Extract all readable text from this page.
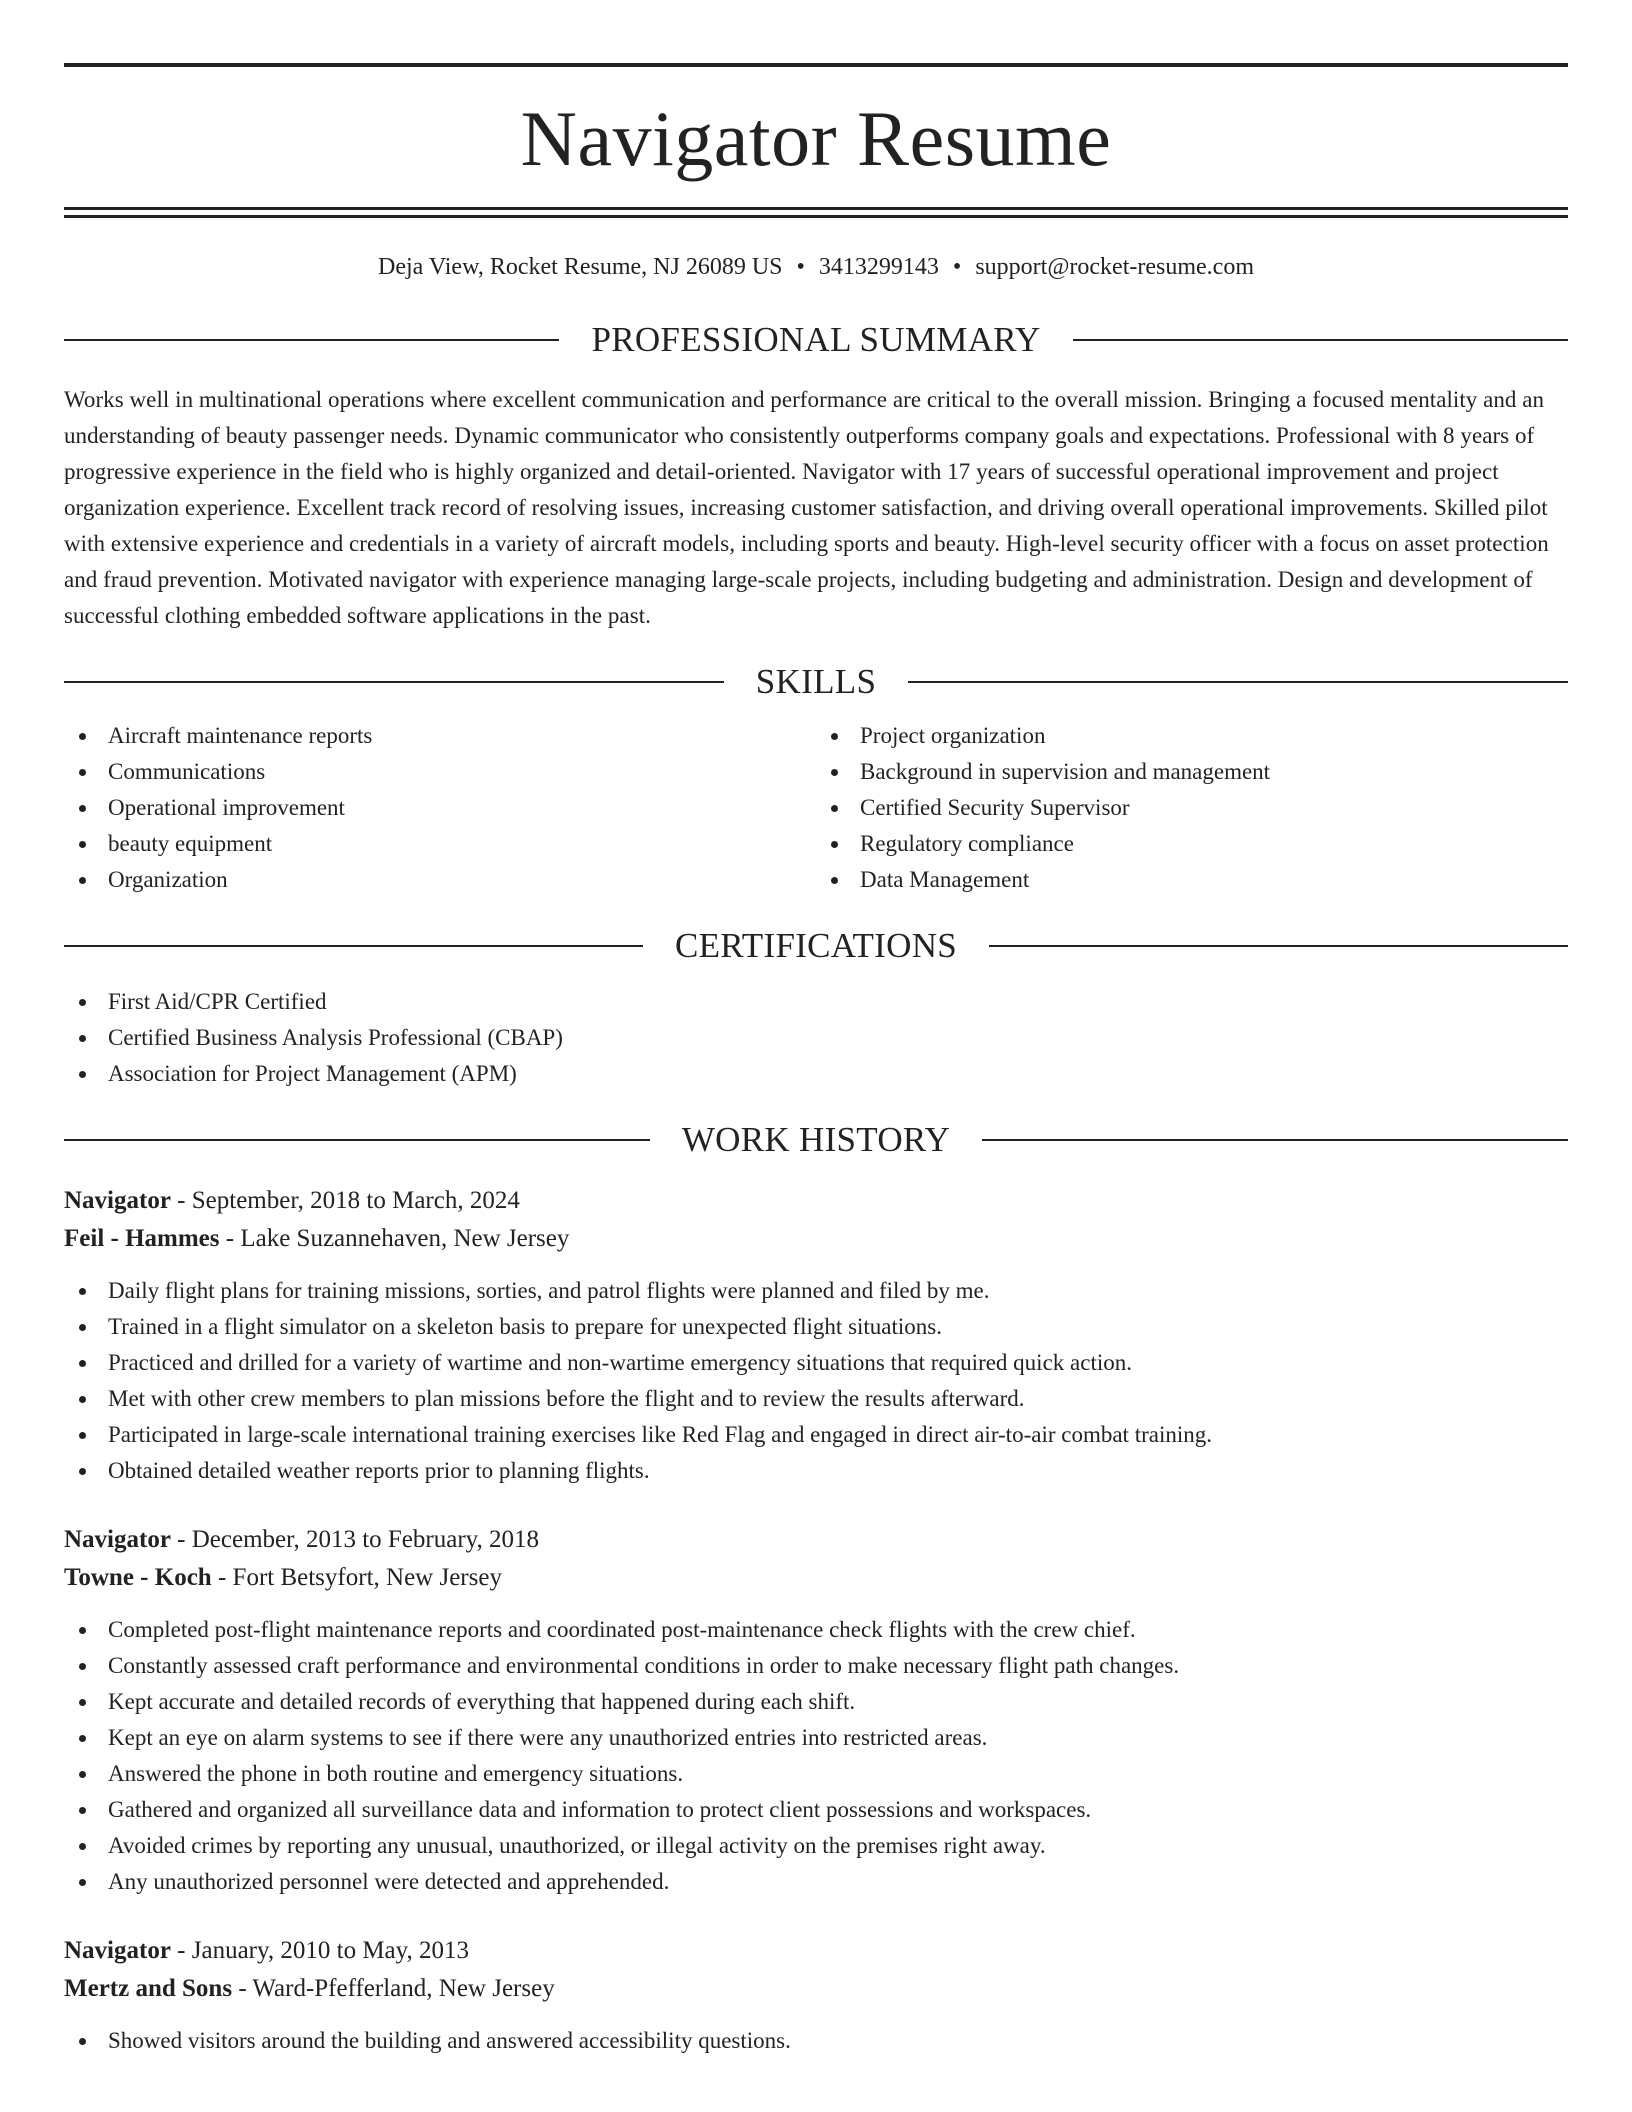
Navigator Resume
Deja View, Rocket Resume, NJ 26089 US • 3413299143 • support@rocket-resume.com
PROFESSIONAL SUMMARY
Works well in multinational operations where excellent communication and performance are critical to the overall mission. Bringing a focused mentality and an understanding of beauty passenger needs. Dynamic communicator who consistently outperforms company goals and expectations. Professional with 8 years of progressive experience in the field who is highly organized and detail-oriented. Navigator with 17 years of successful operational improvement and project organization experience. Excellent track record of resolving issues, increasing customer satisfaction, and driving overall operational improvements. Skilled pilot with extensive experience and credentials in a variety of aircraft models, including sports and beauty. High-level security officer with a focus on asset protection and fraud prevention. Motivated navigator with experience managing large-scale projects, including budgeting and administration. Design and development of successful clothing embedded software applications in the past.
SKILLS
Aircraft maintenance reports
Communications
Operational improvement
beauty equipment
Organization
Project organization
Background in supervision and management
Certified Security Supervisor
Regulatory compliance
Data Management
CERTIFICATIONS
First Aid/CPR Certified
Certified Business Analysis Professional (CBAP)
Association for Project Management (APM)
WORK HISTORY
Navigator - September, 2018 to March, 2024
Feil - Hammes - Lake Suzannehaven, New Jersey
Daily flight plans for training missions, sorties, and patrol flights were planned and filed by me.
Trained in a flight simulator on a skeleton basis to prepare for unexpected flight situations.
Practiced and drilled for a variety of wartime and non-wartime emergency situations that required quick action.
Met with other crew members to plan missions before the flight and to review the results afterward.
Participated in large-scale international training exercises like Red Flag and engaged in direct air-to-air combat training.
Obtained detailed weather reports prior to planning flights.
Navigator - December, 2013 to February, 2018
Towne - Koch - Fort Betsyfort, New Jersey
Completed post-flight maintenance reports and coordinated post-maintenance check flights with the crew chief.
Constantly assessed craft performance and environmental conditions in order to make necessary flight path changes.
Kept accurate and detailed records of everything that happened during each shift.
Kept an eye on alarm systems to see if there were any unauthorized entries into restricted areas.
Answered the phone in both routine and emergency situations.
Gathered and organized all surveillance data and information to protect client possessions and workspaces.
Avoided crimes by reporting any unusual, unauthorized, or illegal activity on the premises right away.
Any unauthorized personnel were detected and apprehended.
Navigator - January, 2010 to May, 2013
Mertz and Sons - Ward-Pfefferland, New Jersey
Showed visitors around the building and answered accessibility questions.
